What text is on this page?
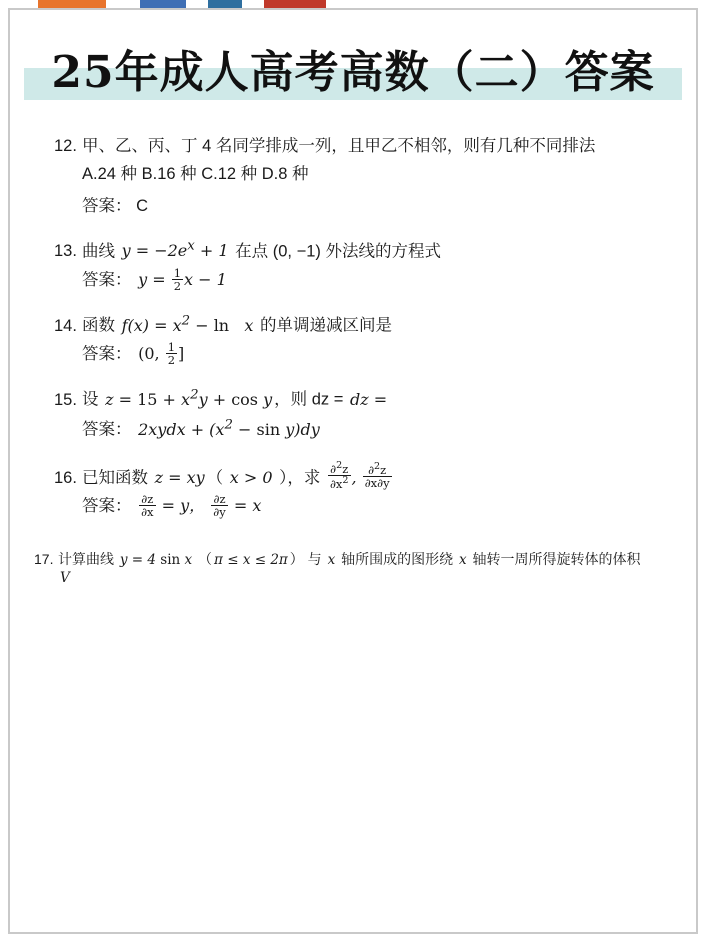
25年成人高考高数（二）答案
12. 甲、乙、丙、丁 4 名同学排成一列，且甲乙不相邻，则有几种不同排法
A.24 种 B.16 种 C.12 种 D.8 种
答案： C
13. 曲线 $y = -2e^x + 1$ 在点 (0, −1) 外法线的方程式
答案： $y = \frac{1}{2}$ x − 1
14. 函数 $f(x) = x^2 - \ln x$ 的单调递减区间是
答案： (0, $\frac{1}{2}$ ]
15. 设 $z = 15 + x^2y + \cos y$ ，则 dz = dz =
答案： 2xydx + $(x^2 - \sin y)dy$
16. 已知函数 z = xy （ x > 0 ），求 $\frac{\partial^2z}{\partial x^2}$ , $\frac{\partial^2z}{\partial x\partial y}$
答案： $\frac{\partial z}{\partial x} = y$， $\frac{\partial z}{\partial y} = x$
17. 计算曲线 y = 4 sin x （ π ≤ x ≤ 2π ） 与 x 轴所围成的图形绕 x 轴转一周所得旋转体的体积 V
